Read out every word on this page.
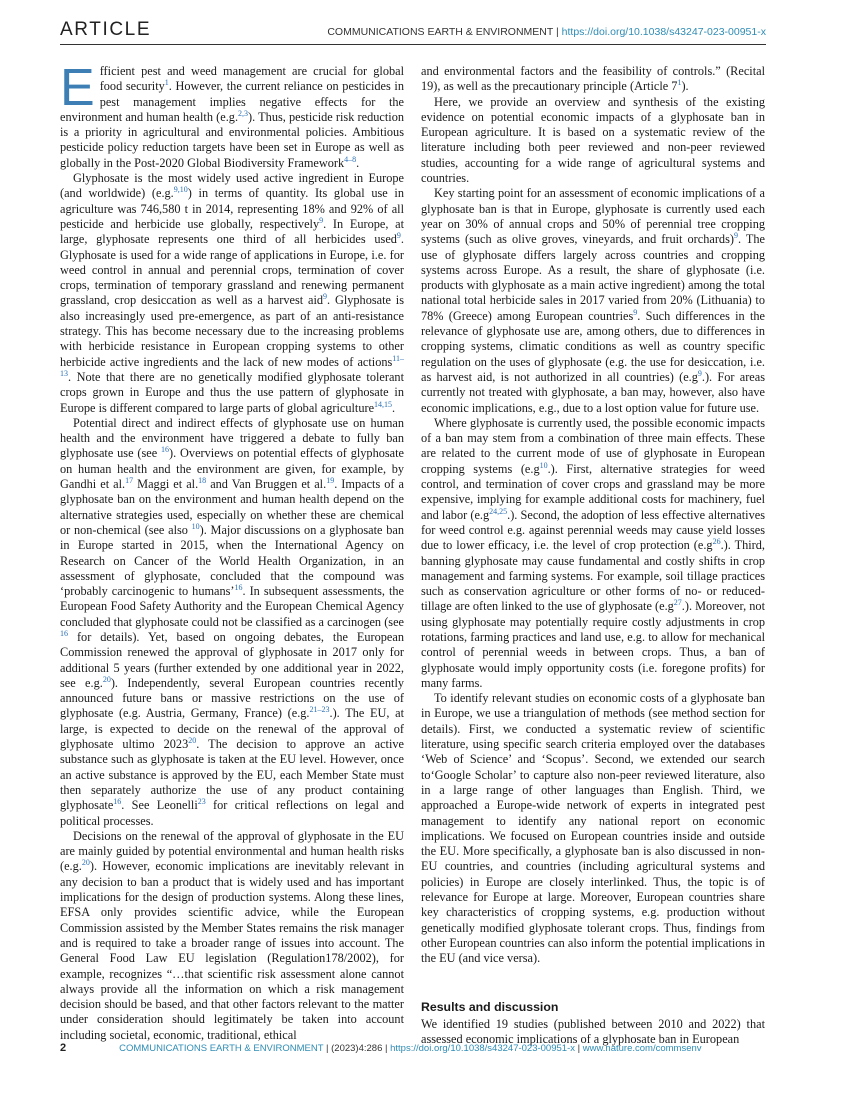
ARTICLE	COMMUNICATIONS EARTH & ENVIRONMENT | https://doi.org/10.1038/s43247-023-00951-x

Efficient pest and weed management are crucial for global food security$^1$. However, the current reliance on pesticides in pest management implies negative effects for the environment and human health (e.g.$^{2,3}$). Thus, pesticide risk reduction is a priority in agricultural and environmental policies. Ambitious pesticide policy reduction targets have been set in Europe as well as globally in the Post-2020 Global Biodiversity Framework$^{4-8}$.

Glyphosate is the most widely used active ingredient in Europe (and worldwide) (e.g.$^{9,10}$) in terms of quantity. Its global use in agriculture was 746,580 t in 2014, representing 18% and 92% of all pesticide and herbicide use globally, respectively$^9$. In Europe, at large, glyphosate represents one third of all herbicides used$^9$. Glyphosate is used for a wide range of applications in Europe, i.e. for weed control in annual and perennial crops, termination of cover crops, termination of temporary grassland and renewing permanent grassland, crop desiccation as well as a harvest aid$^9$. Glyphosate is also increasingly used pre-emergence, as part of an anti-resistance strategy. This has become necessary due to the increasing problems with herbicide resistance in European cropping systems to other herbicide active ingredients and the lack of new modes of actions$^{11-13}$. Note that there are no genetically modified glyphosate tolerant crops grown in Europe and thus the use pattern of glyphosate in Europe is different compared to large parts of global agriculture$^{14,15}$.

Potential direct and indirect effects of glyphosate use on human health and the environment have triggered a debate to fully ban glyphosate use (see $^{16}$). Overviews on potential effects of glyphosate on human health and the environment are given, for example, by Gandhi et al.$^{17}$ Maggi et al.$^{18}$ and Van Bruggen et al.$^{19}$. Impacts of a glyphosate ban on the environment and human health depend on the alternative strategies used, especially on whether these are chemical or non-chemical (see also $^{10}$). Major discussions on a glyphosate ban in Europe started in 2015, when the International Agency on Research on Cancer of the World Health Organization, in an assessment of glyphosate, concluded that the compound was ‘probably carcinogenic to humans’$^{16}$. In subsequent assessments, the European Food Safety Authority and the European Chemical Agency concluded that glyphosate could not be classified as a carcinogen (see $^{16}$ for details). Yet, based on ongoing debates, the European Commission renewed the approval of glyphosate in 2017 only for additional 5 years (further extended by one additional year in 2022, see e.g.$^{20}$). Independently, several European countries recently announced future bans or massive restrictions on the use of glyphosate (e.g. Austria, Germany, France) (e.g.$^{21-23}$.). The EU, at large, is expected to decide on the renewal of the approval of glyphosate ultimo 2023$^{20}$. The decision to approve an active substance such as glyphosate is taken at the EU level. However, once an active substance is approved by the EU, each Member State must then separately authorize the use of any product containing glyphosate$^{16}$. See Leonelli$^{23}$ for critical reflections on legal and political processes.

Decisions on the renewal of the approval of glyphosate in the EU are mainly guided by potential environmental and human health risks (e.g.$^{20}$). However, economic implications are inevitably relevant in any decision to ban a product that is widely used and has important implications for the design of production systems. Along these lines, EFSA only provides scientific advice, while the European Commission assisted by the Member States remains the risk manager and is required to take a broader range of issues into account. The General Food Law EU legislation (Regulation178/2002), for example, recognizes “…that scientific risk assessment alone cannot always provide all the information on which a risk management decision should be based, and that other factors relevant to the matter under consideration should legitimately be taken into account including societal, economic, traditional, ethical

and environmental factors and the feasibility of controls.” (Recital 19), as well as the precautionary principle (Article $7^1$).

Here, we provide an overview and synthesis of the existing evidence on potential economic impacts of a glyphosate ban in European agriculture. It is based on a systematic review of the literature including both peer reviewed and non-peer reviewed studies, accounting for a wide range of agricultural systems and countries.

Key starting point for an assessment of economic implications of a glyphosate ban is that in Europe, glyphosate is currently used each year on 30% of annual crops and 50% of perennial tree cropping systems (such as olive groves, vineyards, and fruit orchards)$^9$. The use of glyphosate differs largely across countries and cropping systems across Europe. As a result, the share of glyphosate (i.e. products with glyphosate as a main active ingredient) among the total national total herbicide sales in 2017 varied from 20% (Lithuania) to 78% (Greece) among European countries$^9$. Such differences in the relevance of glyphosate use are, among others, due to differences in cropping systems, climatic conditions as well as country specific regulation on the uses of glyphosate (e.g. the use for desiccation, i.e. as harvest aid, is not authorized in all countries) $(e.g^9.)$. For areas currently not treated with glyphosate, a ban may, however, also have economic implications, e.g., due to a lost option value for future use.

Where glyphosate is currently used, the possible economic impacts of a ban may stem from a combination of three main effects. These are related to the current mode of use of glyphosate in European cropping systems $(e.g^{10}.)$. First, alternative strategies for weed control, and termination of cover crops and grassland may be more expensive, implying for example additional costs for machinery, fuel and labor $(e.g^{24,25}.)$. Second, the adoption of less effective alternatives for weed control e.g. against perennial weeds may cause yield losses due to lower efficacy, i.e. the level of crop protection $(e.g^{26}.)$. Third, banning glyphosate may cause fundamental and costly shifts in crop management and farming systems. For example, soil tillage practices such as conservation agriculture or other forms of no- or reduced-tillage are often linked to the use of glyphosate $(e.g^{27}.)$. Moreover, not using glyphosate may potentially require costly adjustments in crop rotations, farming practices and land use, e.g. to allow for mechanical control of perennial weeds in between crops. Thus, a ban of glyphosate would imply opportunity costs (i.e. foregone profits) for many farms.

To identify relevant studies on economic costs of a glyphosate ban in Europe, we use a triangulation of methods (see method section for details). First, we conducted a systematic review of scientific literature, using specific search criteria employed over the databases ‘Web of Science’ and ‘Scopus’. Second, we extended our search to‘Google Scholar’ to capture also non-peer reviewed literature, also in a large range of other languages than English. Third, we approached a Europe-wide network of experts in integrated pest management to identify any national report on economic implications. We focused on European countries inside and outside the EU. More specifically, a glyphosate ban is also discussed in non-EU countries, and countries (including agricultural systems and policies) in Europe are closely interlinked. Thus, the topic is of relevance for Europe at large. Moreover, European countries share key characteristics of cropping systems, e.g. production without genetically modified glyphosate tolerant crops. Thus, findings from other European countries can also inform the potential implications in the EU (and vice versa).

Results and discussion

We identified 19 studies (published between 2010 and 2022) that assessed economic implications of a glyphosate ban in European

2	COMMUNICATIONS EARTH & ENVIRONMENT | (2023)4:286 | https://doi.org/10.1038/s43247-023-00951-x | www.nature.com/commsenv
